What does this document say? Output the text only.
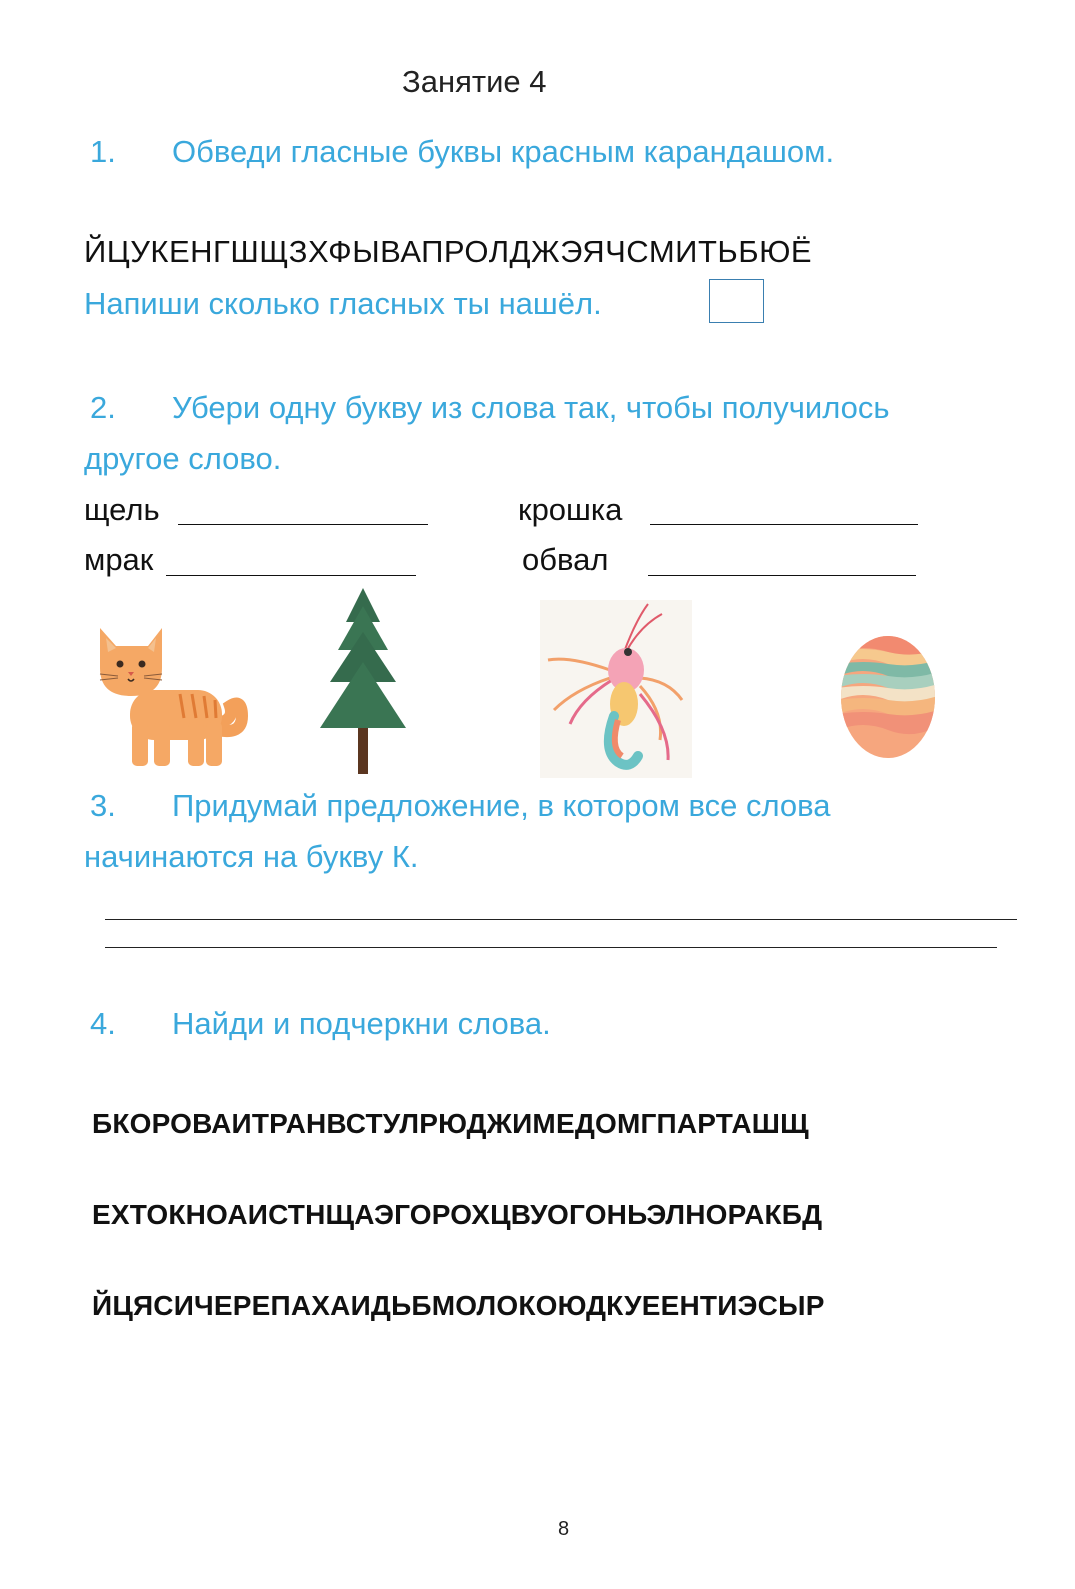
Занятие 4
1. Обведи гласные буквы красным карандашом.
ЙЦУКЕНГШЩЗХФЫВАПРОЛДЖЭЯЧСМИТЬБЮЁ
Напиши сколько гласных ты нашёл.
2. Убери одну букву из слова так, чтобы получилось
другое слово.
щель	крошка
мрак	обвал
3. Придумай предложение, в котором все слова
начинаются на букву К.
4. Найди и подчеркни слова.
БКОРОВАИТРАНВСТУЛРЮДЖИМЕДОМГПАРТАШЩ
ЕХТОКНОАИСТНЩАЭГОРОХЦВУОГОНЬЭЛНОРАКБД
ЙЦЯСИЧЕРЕПАХАИДЬБМОЛОКОЮДКУЕЕНТИЭСЫР
8
